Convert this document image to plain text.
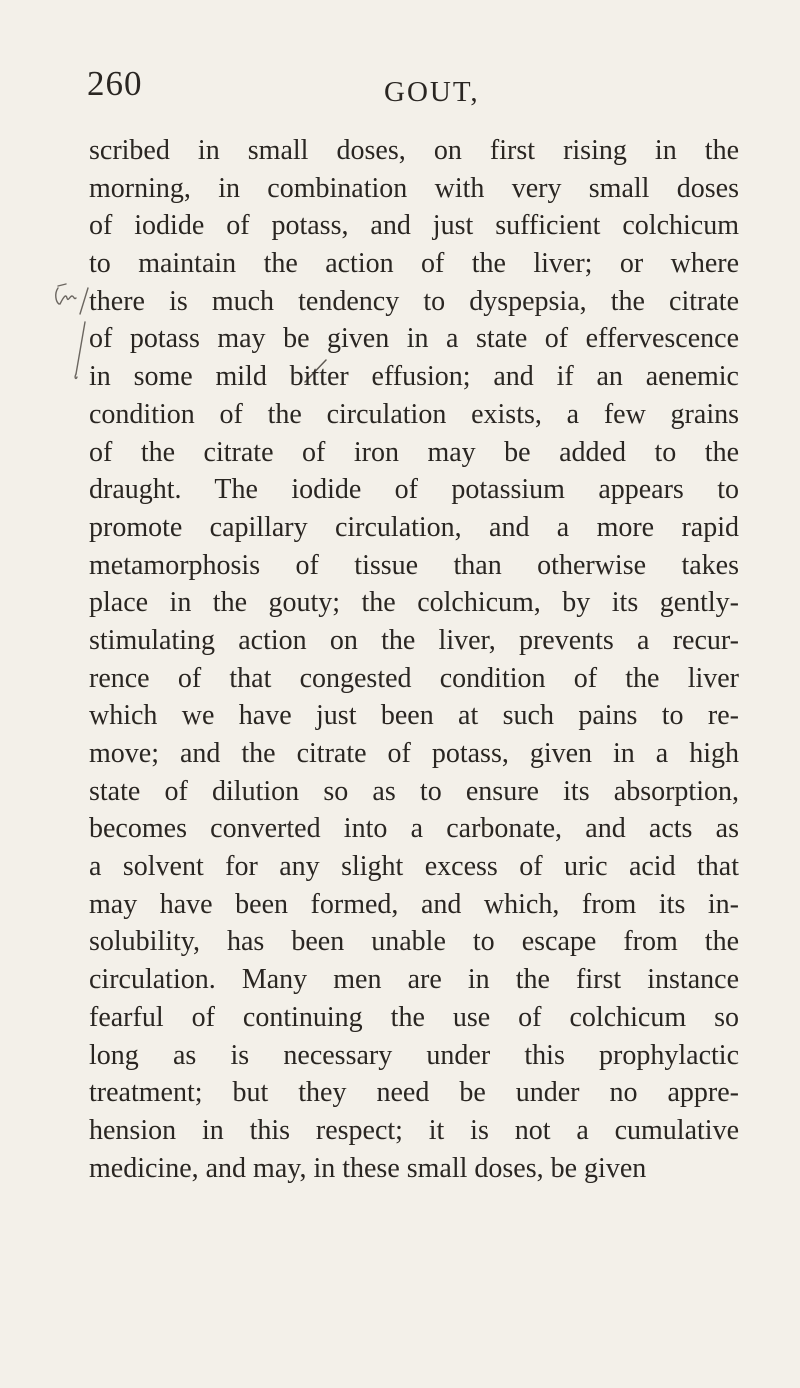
260	GOUT,
scribed in small doses, on first rising in the
morning, in combination with very small doses
of iodide of potass, and just sufficient colchicum
to maintain the action of the liver; or where
there is much tendency to dyspepsia, the citrate
of potass may be given in a state of effervescence
in some mild bitter effusion; and if an aenemic
condition of the circulation exists, a few grains
of the citrate of iron may be added to the
draught. The iodide of potassium appears to
promote capillary circulation, and a more rapid
metamorphosis of tissue than otherwise takes
place in the gouty; the colchicum, by its gently-
stimulating action on the liver, prevents a recur-
rence of that congested condition of the liver
which we have just been at such pains to re-
move; and the citrate of potass, given in a high
state of dilution so as to ensure its absorption,
becomes converted into a carbonate, and acts as
a solvent for any slight excess of uric acid that
may have been formed, and which, from its in-
solubility, has been unable to escape from the
circulation. Many men are in the first instance
fearful of continuing the use of colchicum so
long as is necessary under this prophylactic
treatment; but they need be under no appre-
hension in this respect; it is not a cumulative
medicine, and may, in these small doses, be given
